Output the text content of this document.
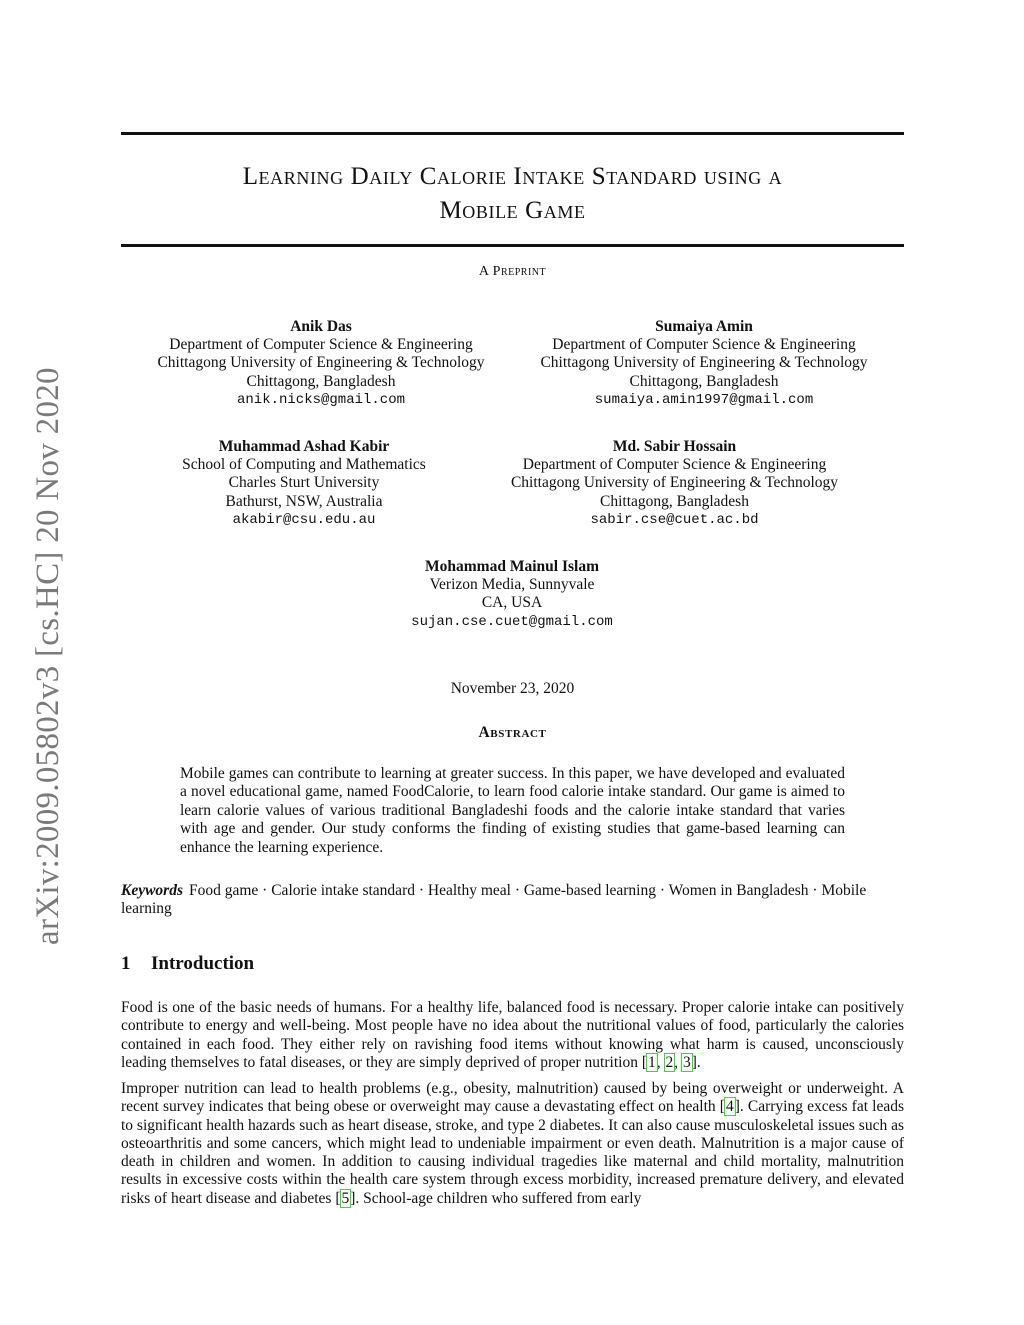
arXiv:2009.05802v3 [cs.HC] 20 Nov 2020
Learning Daily Calorie Intake Standard using a
Mobile Game
A Preprint
Anik Das
Department of Computer Science & Engineering
Chittagong University of Engineering & Technology
Chittagong, Bangladesh
anik.nicks@gmail.com
Sumaiya Amin
Department of Computer Science & Engineering
Chittagong University of Engineering & Technology
Chittagong, Bangladesh
sumaiya.amin1997@gmail.com
Muhammad Ashad Kabir
School of Computing and Mathematics
Charles Sturt University
Bathurst, NSW, Australia
akabir@csu.edu.au
Md. Sabir Hossain
Department of Computer Science & Engineering
Chittagong University of Engineering & Technology
Chittagong, Bangladesh
sabir.cse@cuet.ac.bd
Mohammad Mainul Islam
Verizon Media, Sunnyvale
CA, USA
sujan.cse.cuet@gmail.com
November 23, 2020
Abstract
Mobile games can contribute to learning at greater success. In this paper, we have developed and evaluated a novel educational game, named FoodCalorie, to learn food calorie intake standard. Our game is aimed to learn calorie values of various traditional Bangladeshi foods and the calorie intake standard that varies with age and gender. Our study conforms the finding of existing studies that game-based learning can enhance the learning experience.
Keywords Food game · Calorie intake standard · Healthy meal · Game-based learning · Women in Bangladesh · Mobile learning
1 Introduction
Food is one of the basic needs of humans. For a healthy life, balanced food is necessary. Proper calorie intake can positively contribute to energy and well-being. Most people have no idea about the nutritional values of food, particularly the calories contained in each food. They either rely on ravishing food items without knowing what harm is caused, unconsciously leading themselves to fatal diseases, or they are simply deprived of proper nutrition [1, 2, 3].
Improper nutrition can lead to health problems (e.g., obesity, malnutrition) caused by being overweight or underweight. A recent survey indicates that being obese or overweight may cause a devastating effect on health [4]. Carrying excess fat leads to significant health hazards such as heart disease, stroke, and type 2 diabetes. It can also cause musculoskeletal issues such as osteoarthritis and some cancers, which might lead to undeniable impairment or even death. Malnutrition is a major cause of death in children and women. In addition to causing individual tragedies like maternal and child mortality, malnutrition results in excessive costs within the health care system through excess morbidity, increased premature delivery, and elevated risks of heart disease and diabetes [5]. School-age children who suffered from early
